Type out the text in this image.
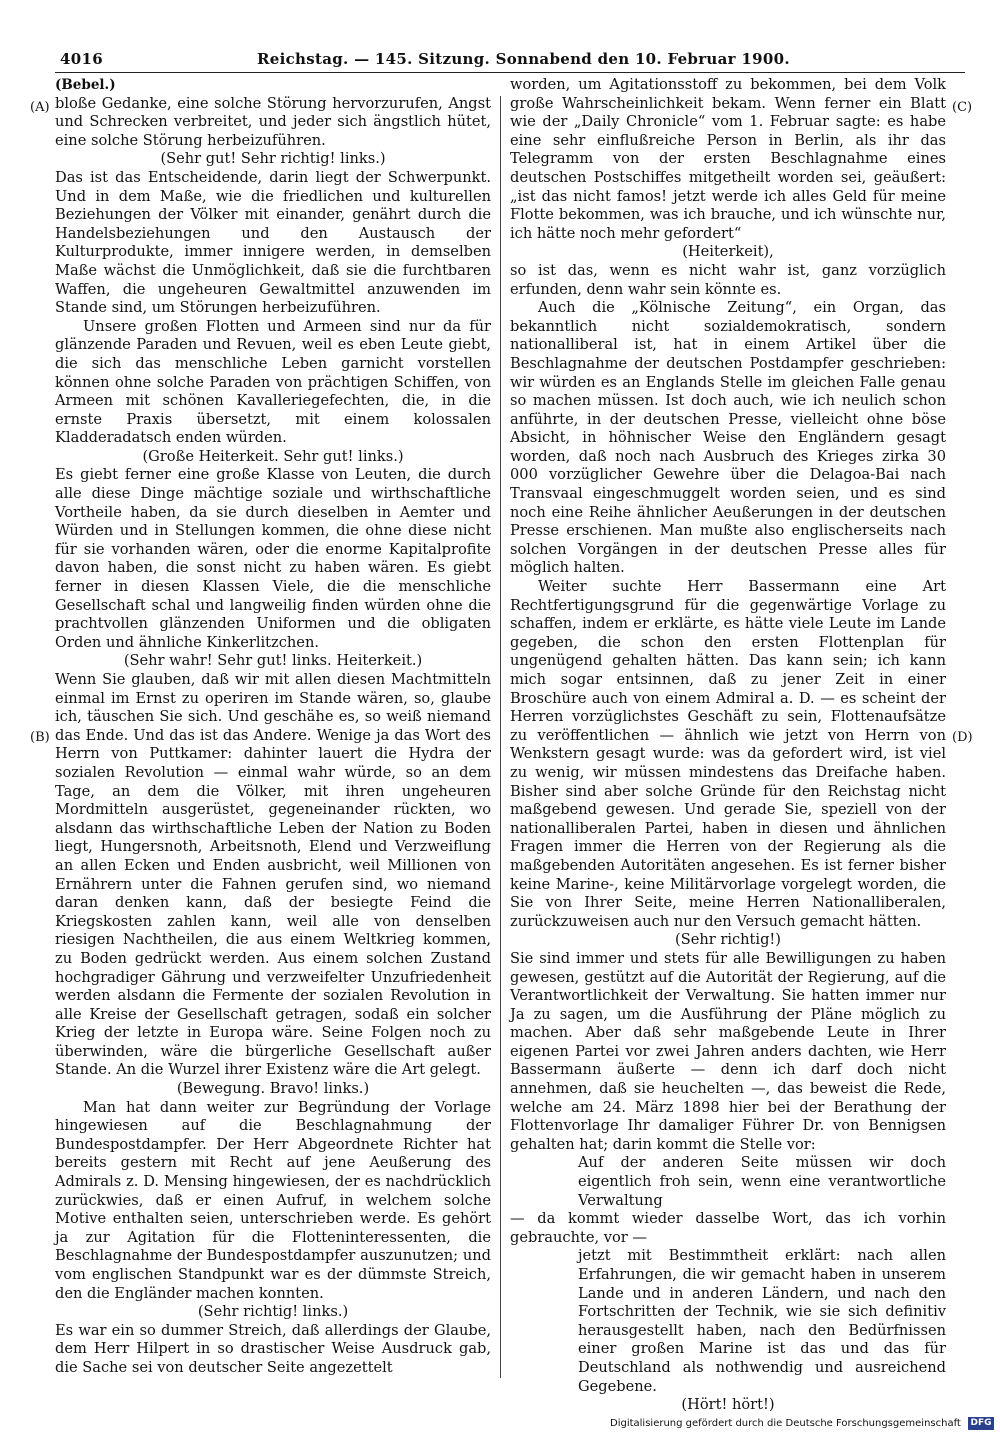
4016	Reichstag. — 145. Sitzung. Sonnabend den 10. Februar 1900.
(A)
(B)
(C)
(D)

(Bebel.)

bloße Gedanke, eine solche Störung hervorzurufen, Angst und Schrecken verbreitet, und jeder sich ängstlich hütet, eine solche Störung herbeizuführen.

(Sehr gut! Sehr richtig! links.)

Das ist das Entscheidende, darin liegt der Schwerpunkt. Und in dem Maße, wie die friedlichen und kulturellen Beziehungen der Völker mit einander, genährt durch die Handelsbeziehungen und den Austausch der Kulturprodukte, immer innigere werden, in demselben Maße wächst die Unmöglichkeit, daß sie die furchtbaren Waffen, die ungeheuren Gewaltmittel anzuwenden im Stande sind, um Störungen herbeizuführen.

Unsere großen Flotten und Armeen sind nur da für glänzende Paraden und Revuen, weil es eben Leute giebt, die sich das menschliche Leben garnicht vorstellen können ohne solche Paraden von prächtigen Schiffen, von Armeen mit schönen Kavalleriegefechten, die, in die ernste Praxis übersetzt, mit einem kolossalen Kladderadatsch enden würden.

(Große Heiterkeit. Sehr gut! links.)

Es giebt ferner eine große Klasse von Leuten, die durch alle diese Dinge mächtige soziale und wirthschaftliche Vortheile haben, da sie durch dieselben in Aemter und Würden und in Stellungen kommen, die ohne diese nicht für sie vorhanden wären, oder die enorme Kapitalprofite davon haben, die sonst nicht zu haben wären. Es giebt ferner in diesen Klassen Viele, die die menschliche Gesellschaft schal und langweilig finden würden ohne die prachtvollen glänzenden Uniformen und die obligaten Orden und ähnliche Kinkerlitzchen.

(Sehr wahr! Sehr gut! links. Heiterkeit.)

Wenn Sie glauben, daß wir mit allen diesen Machtmitteln einmal im Ernst zu operiren im Stande wären, so, glaube ich, täuschen Sie sich. Und geschähe es, so weiß niemand das Ende. Und das ist das Andere. Wenige ja das Wort des Herrn von Puttkamer: dahinter lauert die Hydra der sozialen Revolution — einmal wahr würde, so an dem Tage, an dem die Völker, mit ihren ungeheuren Mordmitteln ausgerüstet, gegeneinander rückten, wo alsdann das wirthschaftliche Leben der Nation zu Boden liegt, Hungersnoth, Arbeitsnoth, Elend und Verzweiflung an allen Ecken und Enden ausbricht, weil Millionen von Ernährern unter die Fahnen gerufen sind, wo niemand daran denken kann, daß der besiegte Feind die Kriegskosten zahlen kann, weil alle von denselben riesigen Nachtheilen, die aus einem Weltkrieg kommen, zu Boden gedrückt werden. Aus einem solchen Zustand hochgradiger Gährung und verzweifelter Unzufriedenheit werden alsdann die Fermente der sozialen Revolution in alle Kreise der Gesellschaft getragen, sodaß ein solcher Krieg der letzte in Europa wäre. Seine Folgen noch zu überwinden, wäre die bürgerliche Gesellschaft außer Stande. An die Wurzel ihrer Existenz wäre die Art gelegt.

(Bewegung. Bravo! links.)

Man hat dann weiter zur Begründung der Vorlage hingewiesen auf die Beschlagnahmung der Bundespostdampfer. Der Herr Abgeordnete Richter hat bereits gestern mit Recht auf jene Aeußerung des Admirals z. D. Mensing hingewiesen, der es nachdrücklich zurückwies, daß er einen Aufruf, in welchem solche Motive enthalten seien, unterschrieben werde. Es gehört ja zur Agitation für die Flotteninteressenten, die Beschlagnahme der Bundespostdampfer auszunutzen; und vom englischen Standpunkt war es der dümmste Streich, den die Engländer machen konnten.

(Sehr richtig! links.)

Es war ein so dummer Streich, daß allerdings der Glaube, dem Herr Hilpert in so drastischer Weise Ausdruck gab, die Sache sei von deutscher Seite angezettelt

worden, um Agitationsstoff zu bekommen, bei dem Volk große Wahrscheinlichkeit bekam. Wenn ferner ein Blatt wie der „Daily Chronicle“ vom 1. Februar sagte: es habe eine sehr einflußreiche Person in Berlin, als ihr das Telegramm von der ersten Beschlagnahme eines deutschen Postschiffes mitgetheilt worden sei, geäußert: „ist das nicht famos! jetzt werde ich alles Geld für meine Flotte bekommen, was ich brauche, und ich wünschte nur, ich hätte noch mehr gefordert“

(Heiterkeit),

so ist das, wenn es nicht wahr ist, ganz vorzüglich erfunden, denn wahr sein könnte es.

Auch die „Kölnische Zeitung“, ein Organ, das bekanntlich nicht sozialdemokratisch, sondern nationalliberal ist, hat in einem Artikel über die Beschlagnahme der deutschen Postdampfer geschrieben: wir würden es an Englands Stelle im gleichen Falle genau so machen müssen. Ist doch auch, wie ich neulich schon anführte, in der deutschen Presse, vielleicht ohne böse Absicht, in höhnischer Weise den Engländern gesagt worden, daß noch nach Ausbruch des Krieges zirka 30 000 vorzüglicher Gewehre über die Delagoa-Bai nach Transvaal eingeschmuggelt worden seien, und es sind noch eine Reihe ähnlicher Aeußerungen in der deutschen Presse erschienen. Man mußte also englischerseits nach solchen Vorgängen in der deutschen Presse alles für möglich halten.

Weiter suchte Herr Bassermann eine Art Rechtfertigungsgrund für die gegenwärtige Vorlage zu schaffen, indem er erklärte, es hätte viele Leute im Lande gegeben, die schon den ersten Flottenplan für ungenügend gehalten hätten. Das kann sein; ich kann mich sogar entsinnen, daß zu jener Zeit in einer Broschüre auch von einem Admiral a. D. — es scheint der Herren vorzüglichstes Geschäft zu sein, Flottenaufsätze zu veröffentlichen — ähnlich wie jetzt von Herrn von Wenkstern gesagt wurde: was da gefordert wird, ist viel zu wenig, wir müssen mindestens das Dreifache haben. Bisher sind aber solche Gründe für den Reichstag nicht maßgebend gewesen. Und gerade Sie, speziell von der nationalliberalen Partei, haben in diesen und ähnlichen Fragen immer die Herren von der Regierung als die maßgebenden Autoritäten angesehen. Es ist ferner bisher keine Marine-, keine Militärvorlage vorgelegt worden, die Sie von Ihrer Seite, meine Herren Nationalliberalen, zurückzuweisen auch nur den Versuch gemacht hätten.

(Sehr richtig!)

Sie sind immer und stets für alle Bewilligungen zu haben gewesen, gestützt auf die Autorität der Regierung, auf die Verantwortlichkeit der Verwaltung. Sie hatten immer nur Ja zu sagen, um die Ausführung der Pläne möglich zu machen. Aber daß sehr maßgebende Leute in Ihrer eigenen Partei vor zwei Jahren anders dachten, wie Herr Bassermann äußerte — denn ich darf doch nicht annehmen, daß sie heuchelten —, das beweist die Rede, welche am 24. März 1898 hier bei der Berathung der Flottenvorlage Ihr damaliger Führer Dr. von Bennigsen gehalten hat; darin kommt die Stelle vor:

Auf der anderen Seite müssen wir doch eigentlich froh sein, wenn eine verantwortliche Verwaltung

— da kommt wieder dasselbe Wort, das ich vorhin gebrauchte, vor —

jetzt mit Bestimmtheit erklärt: nach allen Erfahrungen, die wir gemacht haben in unserem Lande und in anderen Ländern, und nach den Fortschritten der Technik, wie sie sich definitiv herausgestellt haben, nach den Bedürfnissen einer großen Marine ist das und das für Deutschland als nothwendig und ausreichend Gegebene.

(Hört! hört!)

Digitalisierung gefördert durch die Deutsche Forschungsgemeinschaft DFG
